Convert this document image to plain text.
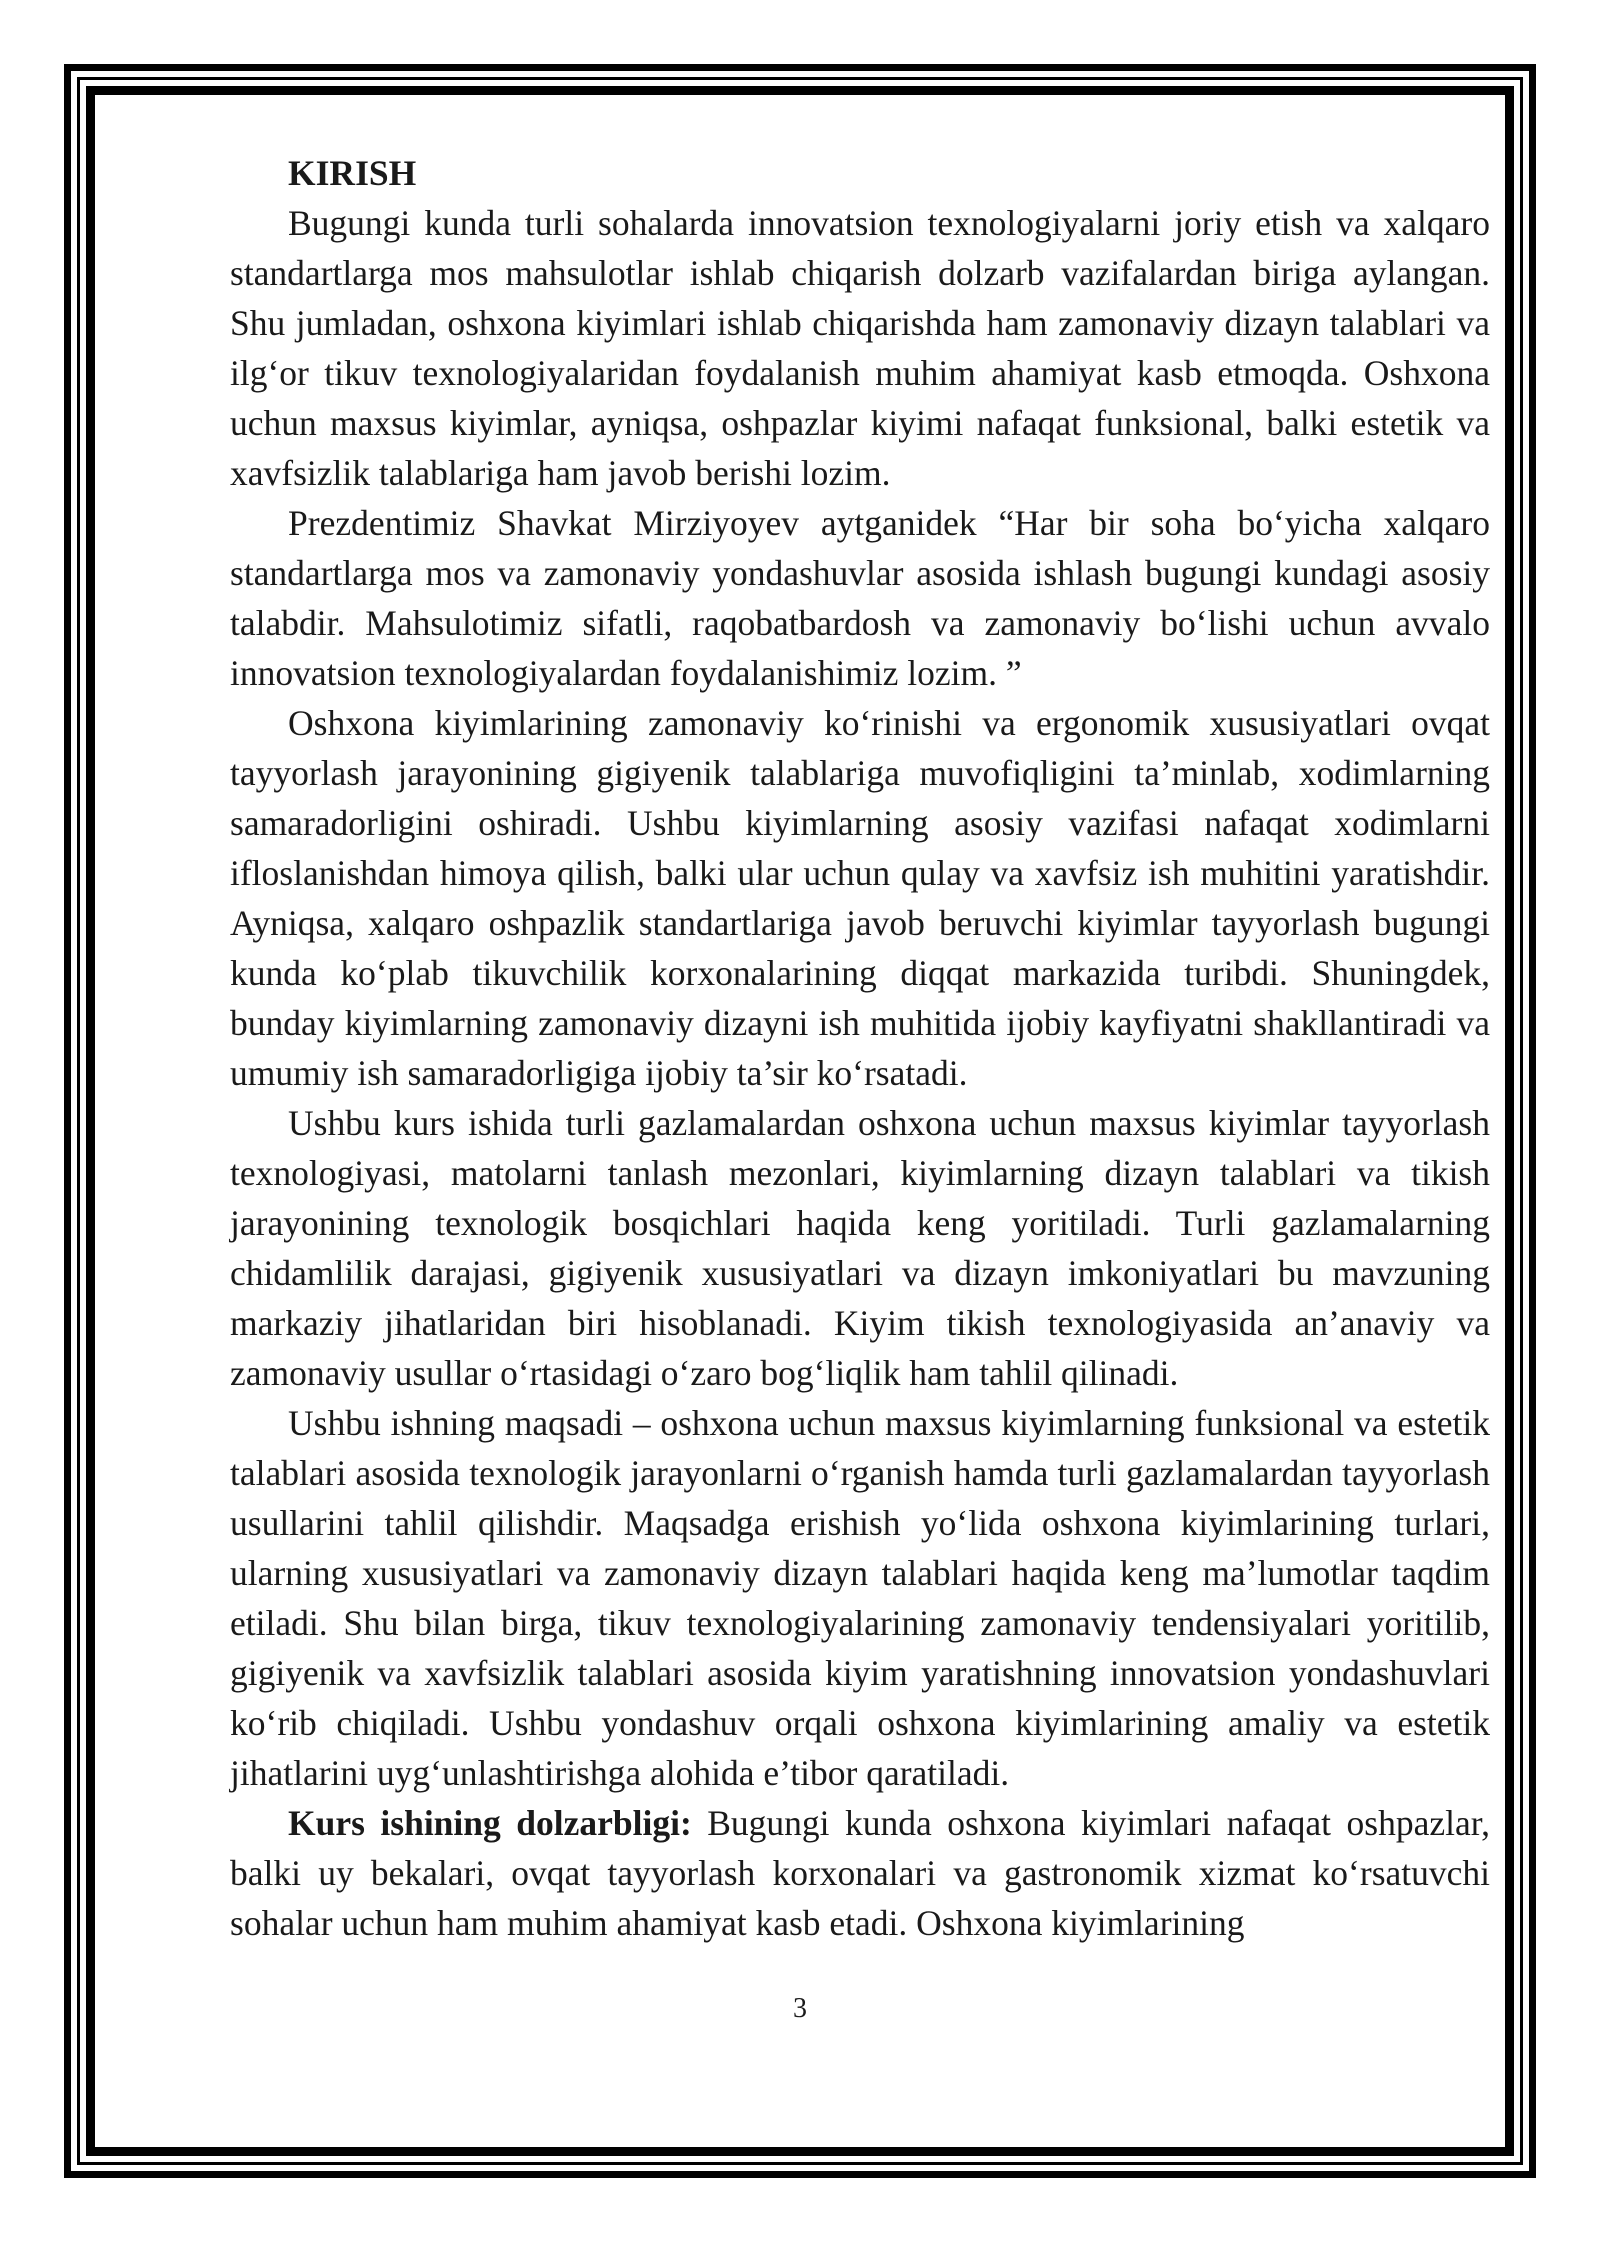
KIRISH

Bugungi kunda turli sohalarda innovatsion texnologiyalarni joriy etish va xalqaro standartlarga mos mahsulotlar ishlab chiqarish dolzarb vazifalardan biriga aylangan. Shu jumladan, oshxona kiyimlari ishlab chiqarishda ham zamonaviy dizayn talablari va ilg‘or tikuv texnologiyalaridan foydalanish muhim ahamiyat kasb etmoqda. Oshxona uchun maxsus kiyimlar, ayniqsa, oshpazlar kiyimi nafaqat funksional, balki estetik va xavfsizlik talablariga ham javob berishi lozim.

Prezdentimiz Shavkat Mirziyoyev aytganidek “Har bir soha bo‘yicha xalqaro standartlarga mos va zamonaviy yondashuvlar asosida ishlash bugungi kundagi asosiy talabdir. Mahsulotimiz sifatli, raqobatbardosh va zamonaviy bo‘lishi uchun avvalo innovatsion texnologiyalardan foydalanishimiz lozim. ”

Oshxona kiyimlarining zamonaviy ko‘rinishi va ergonomik xususiyatlari ovqat tayyorlash jarayonining gigiyenik talablariga muvofiqligini ta’minlab, xodimlarning samaradorligini oshiradi. Ushbu kiyimlarning asosiy vazifasi nafaqat xodimlarni ifloslanishdan himoya qilish, balki ular uchun qulay va xavfsiz ish muhitini yaratishdir. Ayniqsa, xalqaro oshpazlik standartlariga javob beruvchi kiyimlar tayyorlash bugungi kunda ko‘plab tikuvchilik korxonalarining diqqat markazida turibdi. Shuningdek, bunday kiyimlarning zamonaviy dizayni ish muhitida ijobiy kayfiyatni shakllantiradi va umumiy ish samaradorligiga ijobiy ta’sir ko‘rsatadi.

Ushbu kurs ishida turli gazlamalardan oshxona uchun maxsus kiyimlar tayyorlash texnologiyasi, matolarni tanlash mezonlari, kiyimlarning dizayn talablari va tikish jarayonining texnologik bosqichlari haqida keng yoritiladi. Turli gazlamalarning chidamlilik darajasi, gigiyenik xususiyatlari va dizayn imkoniyatlari bu mavzuning markaziy jihatlaridan biri hisoblanadi. Kiyim tikish texnologiyasida an’anaviy va zamonaviy usullar o‘rtasidagi o‘zaro bog‘liqlik ham tahlil qilinadi.

Ushbu ishning maqsadi – oshxona uchun maxsus kiyimlarning funksional va estetik talablari asosida texnologik jarayonlarni o‘rganish hamda turli gazlamalardan tayyorlash usullarini tahlil qilishdir. Maqsadga erishish yo‘lida oshxona kiyimlarining turlari, ularning xususiyatlari va zamonaviy dizayn talablari haqida keng ma’lumotlar taqdim etiladi. Shu bilan birga, tikuv texnologiyalarining zamonaviy tendensiyalari yoritilib, gigiyenik va xavfsizlik talablari asosida kiyim yaratishning innovatsion yondashuvlari ko‘rib chiqiladi. Ushbu yondashuv orqali oshxona kiyimlarining amaliy va estetik jihatlarini uyg‘unlashtirishga alohida e’tibor qaratiladi.

Kurs ishining dolzarbligi: Bugungi kunda oshxona kiyimlari nafaqat oshpazlar, balki uy bekalari, ovqat tayyorlash korxonalari va gastronomik xizmat ko‘rsatuvchi sohalar uchun ham muhim ahamiyat kasb etadi. Oshxona kiyimlarining

3
